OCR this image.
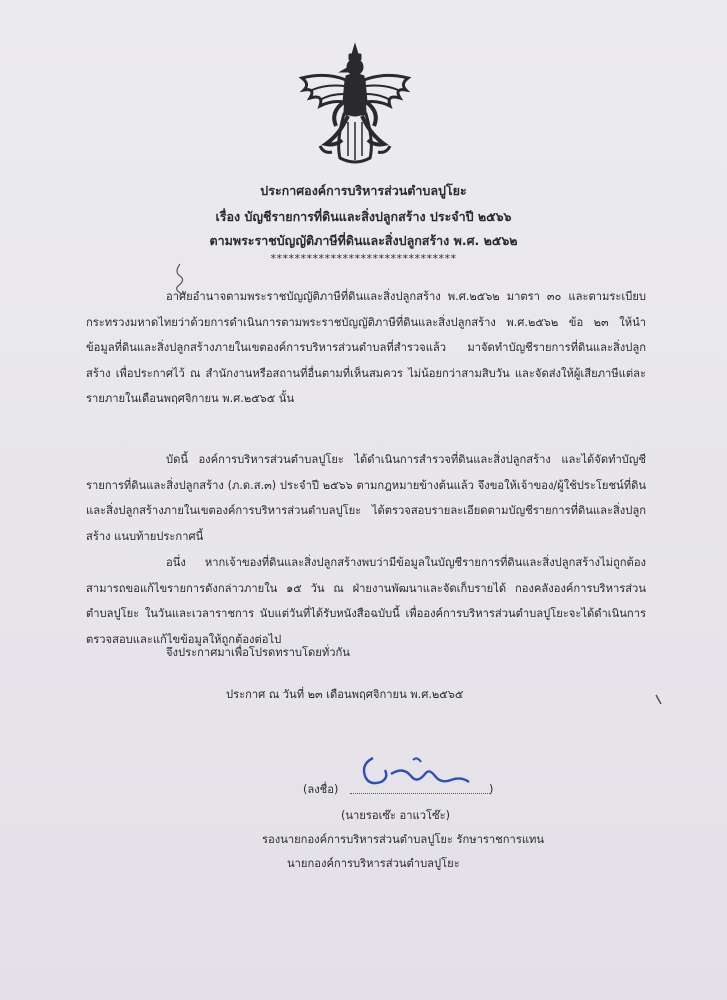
ประกาศองค์การบริหารส่วนตำบลปูโยะ
เรื่อง บัญชีรายการที่ดินและสิ่งปลูกสร้าง ประจำปี ๒๕๖๖
ตามพระราชบัญญัติภาษีที่ดินและสิ่งปลูกสร้าง พ.ศ. ๒๕๖๒
*******************************
อาศัยอำนาจตามพระราชบัญญัติภาษีที่ดินและสิ่งปลูกสร้าง พ.ศ.๒๕๖๒ มาตรา ๓๐ และตามระเบียบกระทรวงมหาดไทยว่าด้วยการดำเนินการตามพระราชบัญญัติภาษีที่ดินและสิ่งปลูกสร้าง พ.ศ.๒๕๖๒ ข้อ ๒๓ ให้นำข้อมูลที่ดินและสิ่งปลูกสร้างภายในเขตองค์การบริหารส่วนตำบลที่สำรวจแล้ว มาจัดทำบัญชีรายการที่ดินและสิ่งปลูกสร้าง เพื่อประกาศไว้ ณ สำนักงานหรือสถานที่อื่นตามที่เห็นสมควร ไม่น้อยกว่าสามสิบวัน และจัดส่งให้ผู้เสียภาษีแต่ละรายภายในเดือนพฤศจิกายน พ.ศ.๒๕๖๕ นั้น
บัดนี้ องค์การบริหารส่วนตำบลปูโยะ ได้ดำเนินการสำรวจที่ดินและสิ่งปลูกสร้าง และได้จัดทำบัญชีรายการที่ดินและสิ่งปลูกสร้าง (ภ.ด.ส.๓) ประจำปี ๒๕๖๖ ตามกฎหมายข้างต้นแล้ว จึงขอให้เจ้าของ/ผู้ใช้ประโยชน์ที่ดินและสิ่งปลูกสร้างภายในเขตองค์การบริหารส่วนตำบลปูโยะ ได้ตรวจสอบรายละเอียดตามบัญชีรายการที่ดินและสิ่งปลูกสร้าง แนบท้ายประกาศนี้
อนึ่ง หากเจ้าของที่ดินและสิ่งปลูกสร้างพบว่ามีข้อมูลในบัญชีรายการที่ดินและสิ่งปลูกสร้างไม่ถูกต้องสามารถขอแก้ไขรายการดังกล่าวภายใน ๑๕ วัน ณ ฝ่ายงานพัฒนาและจัดเก็บรายได้ กองคลังองค์การบริหารส่วนตำบลปูโยะ ในวันและเวลาราชการ นับแต่วันที่ได้รับหนังสือฉบับนี้ เพื่อองค์การบริหารส่วนตำบลปูโยะจะได้ดำเนินการตรวจสอบและแก้ไขข้อมูลให้ถูกต้องต่อไป
จึงประกาศมาเพื่อโปรดทราบโดยทั่วกัน
ประกาศ ณ วันที่ ๒๓ เดือนพฤศจิกายน พ.ศ.๒๕๖๕
(ลงชื่อ)	)
(นายรอเซ๊ะ อาแวโซ๊ะ)
รองนายกองค์การบริหารส่วนตำบลปูโยะ รักษาราชการแทน
นายกองค์การบริหารส่วนตำบลปูโยะ
